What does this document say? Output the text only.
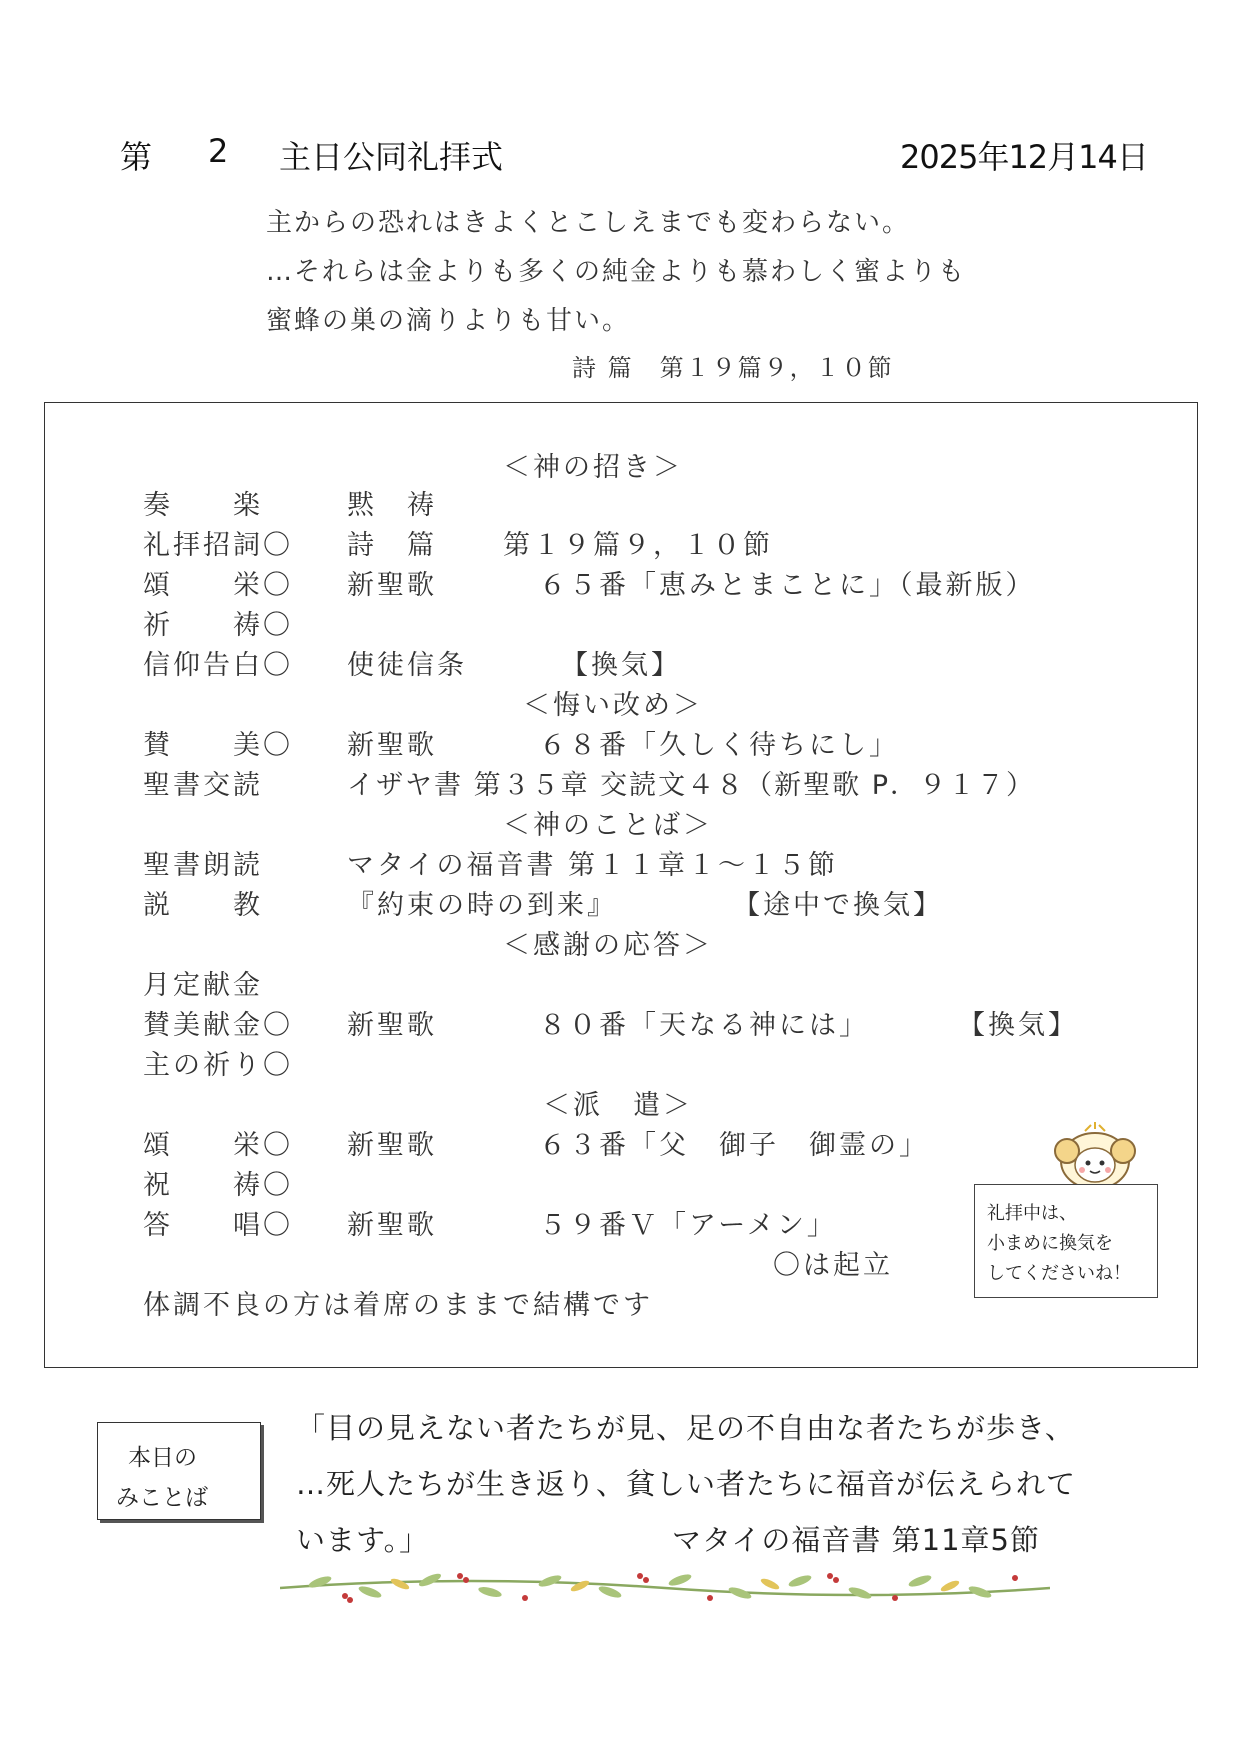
第 2 主日公同礼拝式	2025年12月14日
主からの恐れはきよくとこしえまでも変わらない。
…それらは金よりも多くの純金よりも慕わしく蜜よりも
蜜蜂の巣の滴りよりも甘い。
詩 篇　第１９篇９，１０節
＜神の招き＞
奏　　楽	黙　祷
礼拝招詞〇 詩　篇 第１９篇９，１０節
頌　　栄〇 新聖歌	６５番「恵みとまことに」（最新版）
祈　　祷〇
信仰告白〇 使徒信条	【換気】
＜悔い改め＞
賛　　美〇 新聖歌	６８番「久しく待ちにし」
聖書交読	イザヤ書 第３５章 交読文４８（新聖歌 P．９１７）
＜神のことば＞
聖書朗読	マタイの福音書 第１１章１～１５節
説　　教	『約束の時の到来』	【途中で換気】
＜感謝の応答＞
月定献金
賛美献金〇 新聖歌	８０番「天なる神には」	【換気】
主の祈り〇
＜派　遣＞
頌　　栄〇 新聖歌	６３番「父　御子　御霊の」
祝　　祷〇
答　　唱〇 新聖歌	５９番Ｖ「アーメン」
〇は起立
体調不良の方は着席のままで結構です
礼拝中は、
小まめに換気を
してくださいね！
本日の
みことば
「目の見えない者たちが見、足の不自由な者たちが歩き、
…死人たちが生き返り、貧しい者たちに福音が伝えられて
います。」	マタイの福音書 第11章5節
